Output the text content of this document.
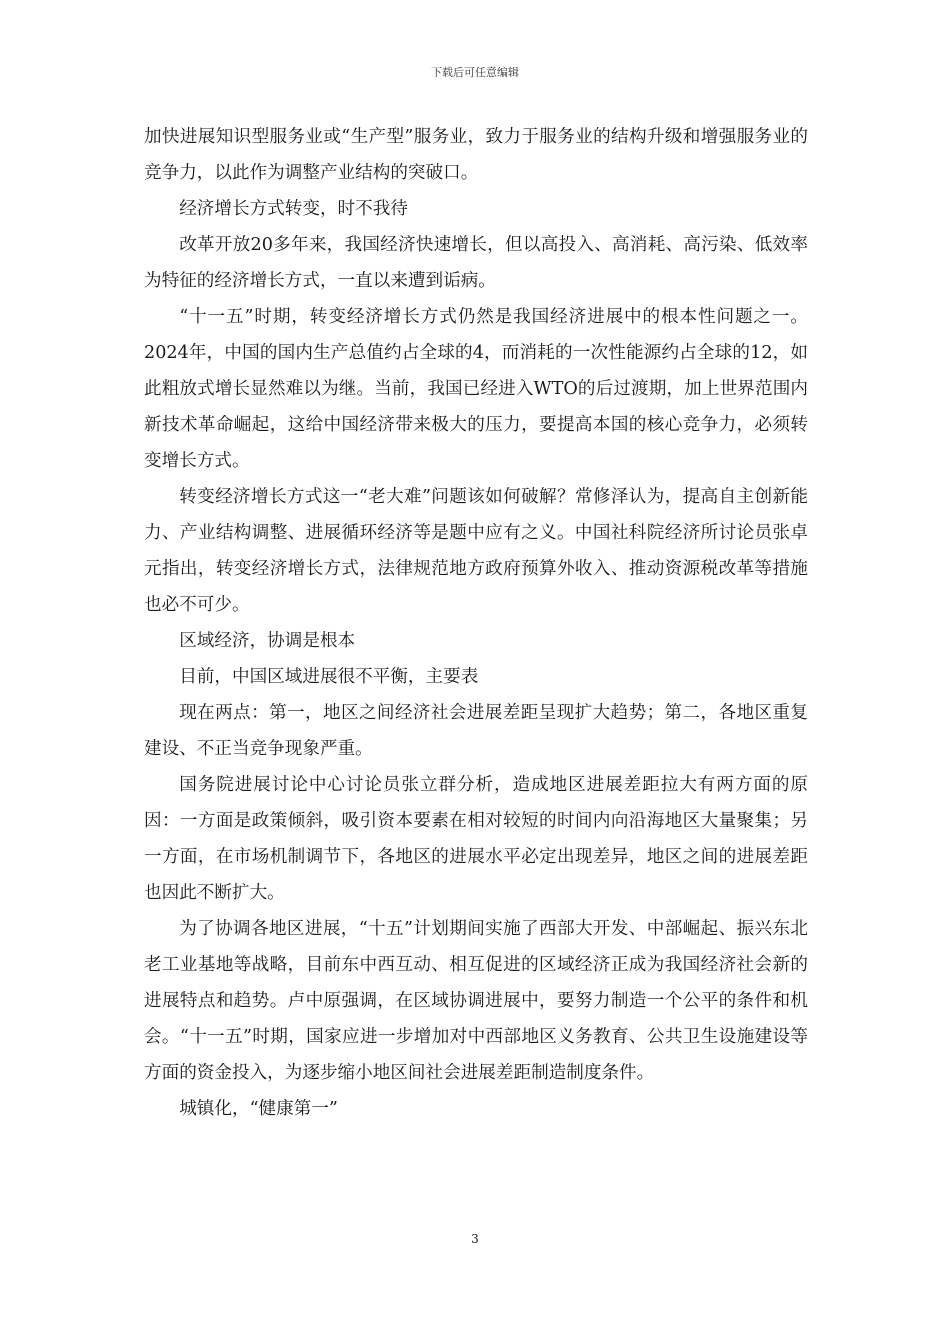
下载后可任意编辑

加快进展知识型服务业或“生产型”服务业，致力于服务业的结构升级和增强服务业的竞争力，以此作为调整产业结构的突破口。

经济增长方式转变，时不我待

改革开放20多年来，我国经济快速增长，但以高投入、高消耗、高污染、低效率为特征的经济增长方式，一直以来遭到诟病。

“十一五”时期，转变经济增长方式仍然是我国经济进展中的根本性问题之一。2024年，中国的国内生产总值约占全球的4，而消耗的一次性能源约占全球的12，如此粗放式增长显然难以为继。当前，我国已经进入WTO的后过渡期，加上世界范围内新技术革命崛起，这给中国经济带来极大的压力，要提高本国的核心竞争力，必须转变增长方式。

转变经济增长方式这一“老大难”问题该如何破解？常修泽认为，提高自主创新能力、产业结构调整、进展循环经济等是题中应有之义。中国社科院经济所讨论员张卓元指出，转变经济增长方式，法律规范地方政府预算外收入、推动资源税改革等措施也必不可少。

区域经济，协调是根本

目前，中国区域进展很不平衡，主要表

现在两点：第一，地区之间经济社会进展差距呈现扩大趋势；第二，各地区重复建设、不正当竞争现象严重。

国务院进展讨论中心讨论员张立群分析，造成地区进展差距拉大有两方面的原因：一方面是政策倾斜，吸引资本要素在相对较短的时间内向沿海地区大量聚集；另一方面，在市场机制调节下，各地区的进展水平必定出现差异，地区之间的进展差距也因此不断扩大。

为了协调各地区进展，“十五”计划期间实施了西部大开发、中部崛起、振兴东北老工业基地等战略，目前东中西互动、相互促进的区域经济正成为我国经济社会新的进展特点和趋势。卢中原强调，在区域协调进展中，要努力制造一个公平的条件和机会。“十一五”时期，国家应进一步增加对中西部地区义务教育、公共卫生设施建设等方面的资金投入，为逐步缩小地区间社会进展差距制造制度条件。

城镇化，“健康第一”

3
